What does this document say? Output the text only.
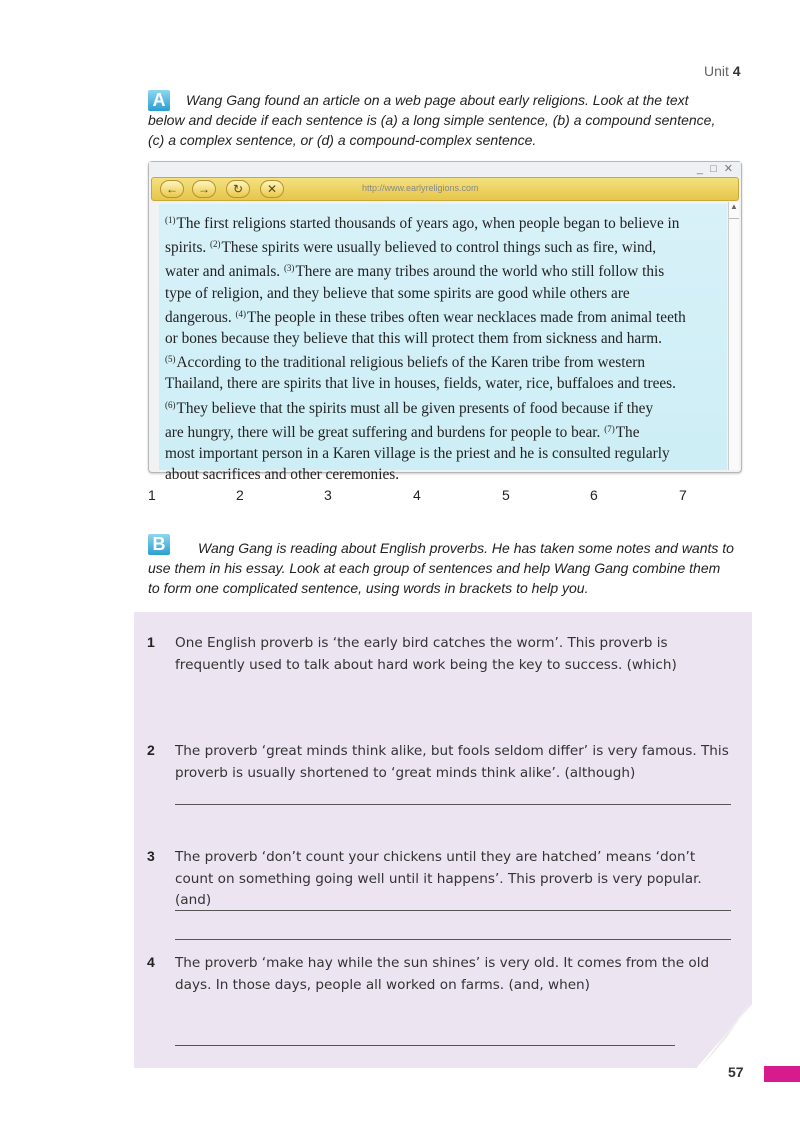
Unit 4
A	Wang Gang found an article on a web page about early religions. Look at the text
below and decide if each sentence is (a) a long simple sentence, (b) a compound sentence,
(c) a complex sentence, or (d) a compound-complex sentence.
_ □ ✕
←	→	↻	✕	http://www.earlyreligions.com
▲
$^{(1)}$The first religions started thousands of years ago, when people began to believe in
spirits. $^{(2)}$These spirits were usually believed to control things such as fire, wind,
water and animals. $^{(3)}$There are many tribes around the world who still follow this
type of religion, and they believe that some spirits are good while others are
dangerous. $^{(4)}$The people in these tribes often wear necklaces made from animal teeth
or bones because they believe that this will protect them from sickness and harm.
$^{(5)}$According to the traditional religious beliefs of the Karen tribe from western
Thailand, there are spirits that live in houses, fields, water, rice, buffaloes and trees.
$^{(6)}$They believe that the spirits must all be given presents of food because if they
are hungry, there will be great suffering and burdens for people to bear. $^{(7)}$The
most important person in a Karen village is the priest and he is consulted regularly
about sacrifices and other ceremonies.
1	2	3	4	5	6	7
B	Wang Gang is reading about English proverbs. He has taken some notes and wants to
use them in his essay. Look at each group of sentences and help Wang Gang combine them
to form one complicated sentence, using words in brackets to help you.
1 One English proverb is ‘the early bird catches the worm’. This proverb is
frequently used to talk about hard work being the key to success. (which)
2 The proverb ‘great minds think alike, but fools seldom differ’ is very famous. This
proverb is usually shortened to ‘great minds think alike’. (although)
3 The proverb ‘don’t count your chickens until they are hatched’ means ‘don’t
count on something going well until it happens’. This proverb is very popular. (and)
4 The proverb ‘make hay while the sun shines’ is very old. It comes from the old
days. In those days, people all worked on farms. (and, when)
57
